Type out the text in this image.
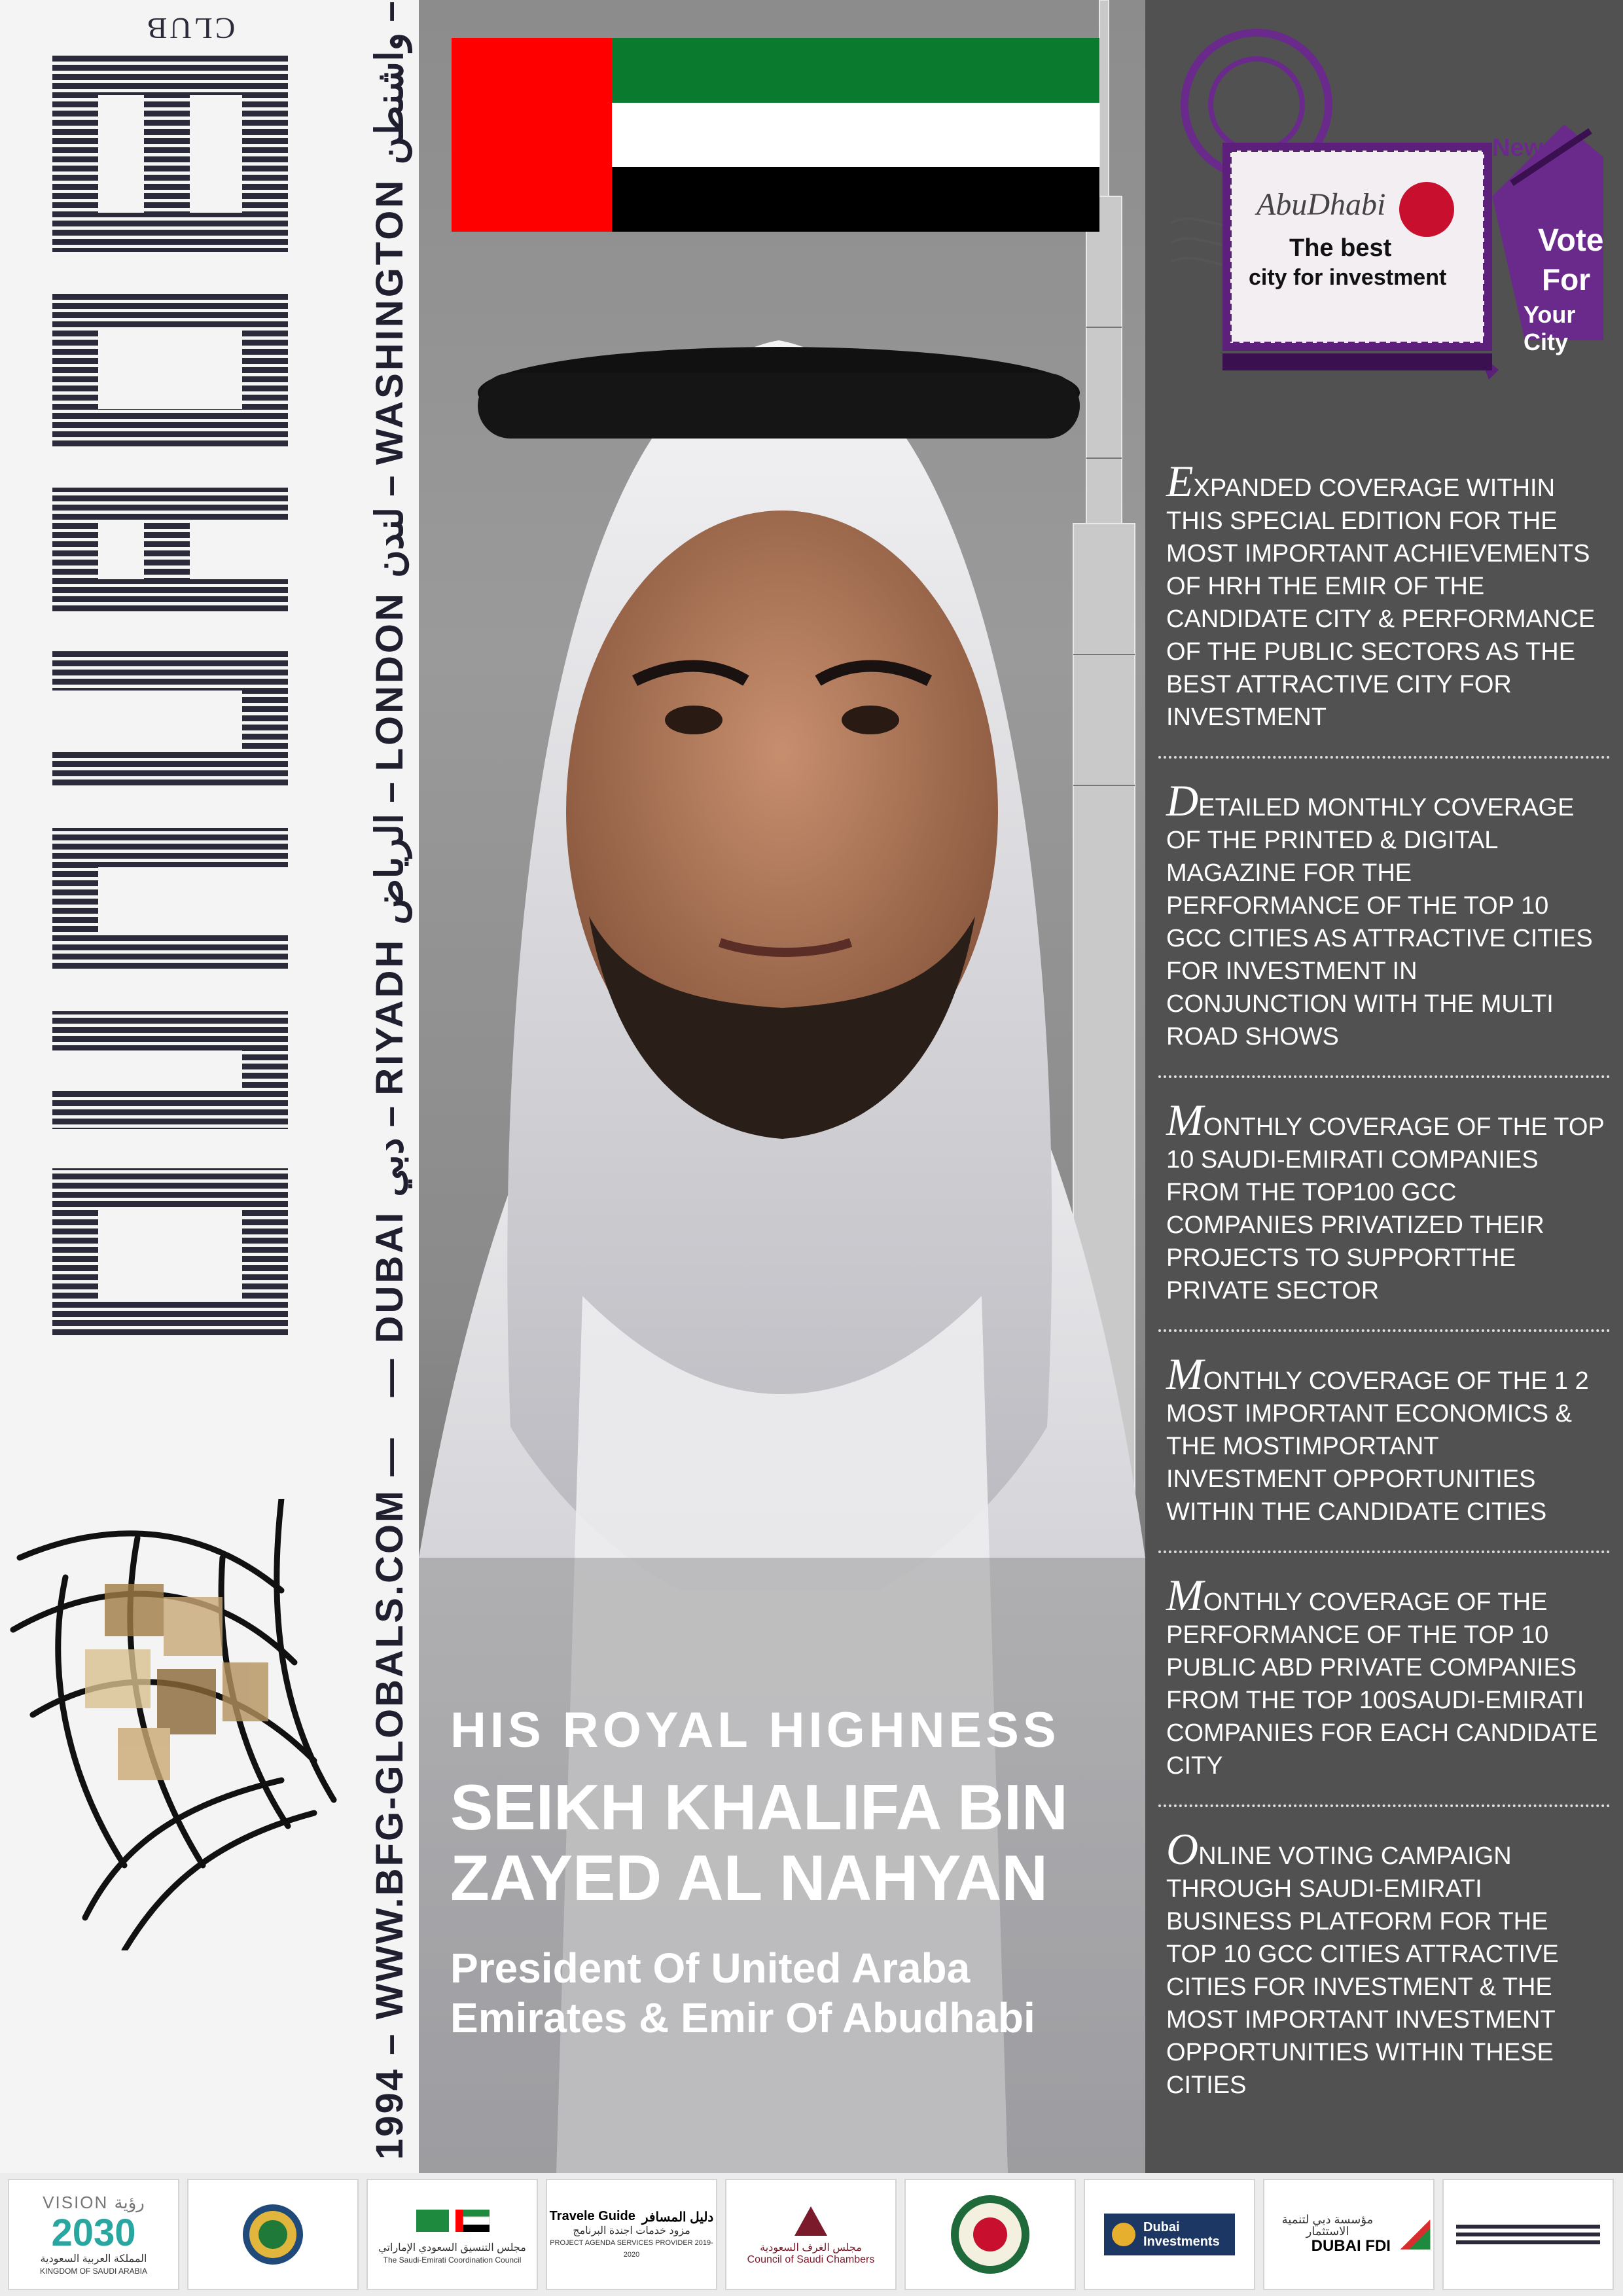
CLUB
1994 – WWW.BFG-GLOBALS.COM —
— DUBAI دبي – RIYADH الرياض – LONDON لندن – WASHINGTON واشنطن –

HIS ROYAL HIGHNESS

SEIKH KHALIFA BIN
ZAYED AL NAHYAN

President Of United Araba
Emirates & Emir Of Abudhabi

AbuDhabi
The best
city for investment
New
Vote
For
Your City
EXPANDED COVERAGE WITHIN THIS SPECIAL EDITION FOR THE MOST IMPORTANT ACHIEVEMENTS OF HRH THE EMIR OF THE CANDIDATE CITY & PERFORMANCE OF THE PUBLIC SECTORS AS THE BEST ATTRACTIVE CITY FOR INVESTMENT
DETAILED MONTHLY COVERAGE OF THE PRINTED & DIGITAL MAGAZINE FOR THE PERFORMANCE OF THE TOP 10 GCC CITIES AS ATTRACTIVE CITIES FOR INVESTMENT IN CONJUNCTION WITH THE MULTI ROAD SHOWS
MONTHLY COVERAGE OF THE TOP 10 SAUDI-EMIRATI COMPANIES FROM THE TOP100 GCC COMPANIES PRIVATIZED THEIR PROJECTS TO SUPPORTTHE PRIVATE SECTOR
MONTHLY COVERAGE OF THE 1 2 MOST IMPORTANT ECONOMICS & THE MOSTIMPORTANT INVESTMENT OPPORTUNITIES WITHIN THE CANDIDATE CITIES
MONTHLY COVERAGE OF THE PERFORMANCE OF THE TOP 10 PUBLIC ABD PRIVATE COMPANIES FROM THE TOP 100SAUDI-EMIRATI COMPANIES FOR EACH CANDIDATE CITY
ONLINE VOTING CAMPAIGN THROUGH SAUDI-EMIRATI BUSINESS PLATFORM FOR THE TOP 10 GCC CITIES ATTRACTIVE CITIES FOR INVESTMENT & THE MOST IMPORTANT INVESTMENT OPPORTUNITIES WITHIN THESE CITIES
VISION رؤية
2030
المملكة العربية السعودية
KINGDOM OF SAUDI ARABIA
مجلس التنسيق السعودي الإماراتي
The Saudi-Emirati Coordination Council
Travele Guide دليل المسافر
مزود خدمات اجندة البرنامج
PROJECT AGENDA SERVICES PROVIDER 2019-2020
مجلس الغرف السعودية
Council of Saudi Chambers
Dubai
Investments
مؤسسة دبي لتنمية الاستثمار
DUBAI FDI
